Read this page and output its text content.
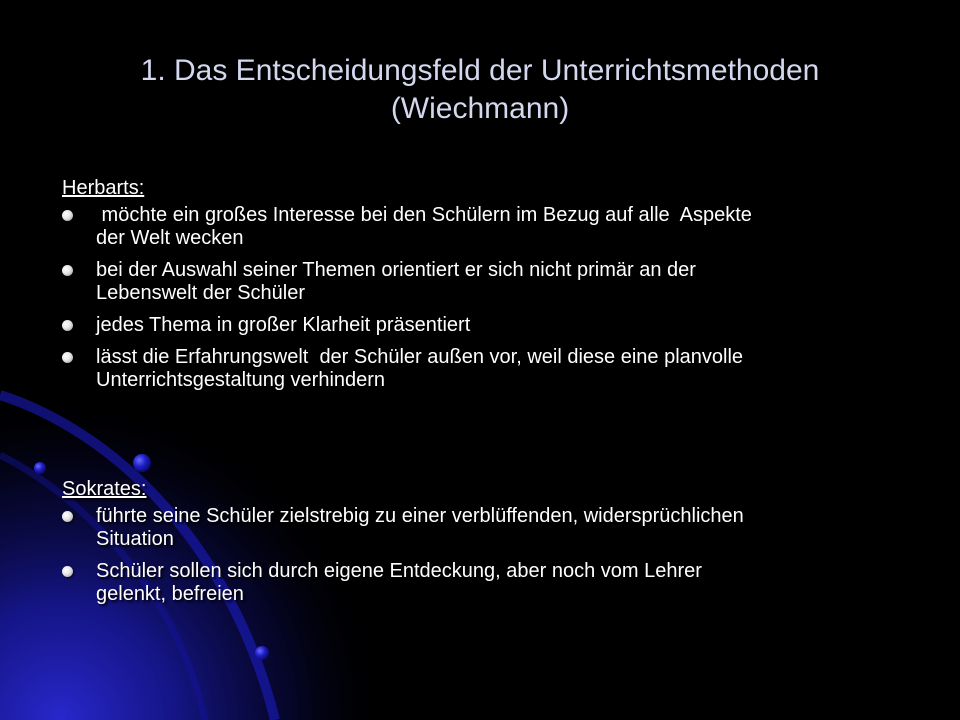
1. Das Entscheidungsfeld der Unterrichtsmethoden
(Wiechmann)
Herbarts:
möchte ein großes Interesse bei den Schülern im Bezug auf alle  Aspekte
der Welt wecken
bei der Auswahl seiner Themen orientiert er sich nicht primär an der
Lebenswelt der Schüler
jedes Thema in großer Klarheit präsentiert
lässt die Erfahrungswelt  der Schüler außen vor, weil diese eine planvolle
Unterrichtsgestaltung verhindern
Sokrates:
führte seine Schüler zielstrebig zu einer verblüffenden, widersprüchlichen
Situation
Schüler sollen sich durch eigene Entdeckung, aber noch vom Lehrer
gelenkt, befreien
